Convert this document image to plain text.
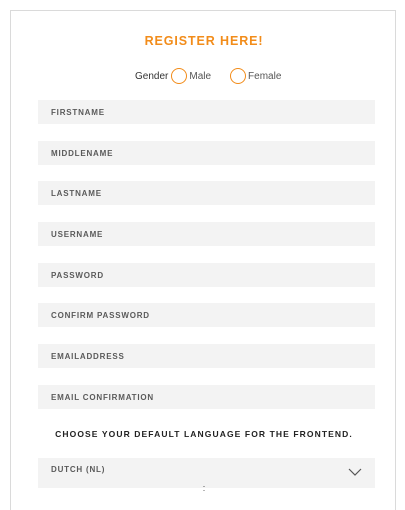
REGISTER HERE!
Gender Male	Female
FIRSTNAME
MIDDLENAME
LASTNAME
USERNAME
PASSWORD
CONFIRM PASSWORD
EMAILADDRESS
EMAIL CONFIRMATION
CHOOSE YOUR DEFAULT LANGUAGE FOR THE FRONTEND.
DUTCH (NL)
:
